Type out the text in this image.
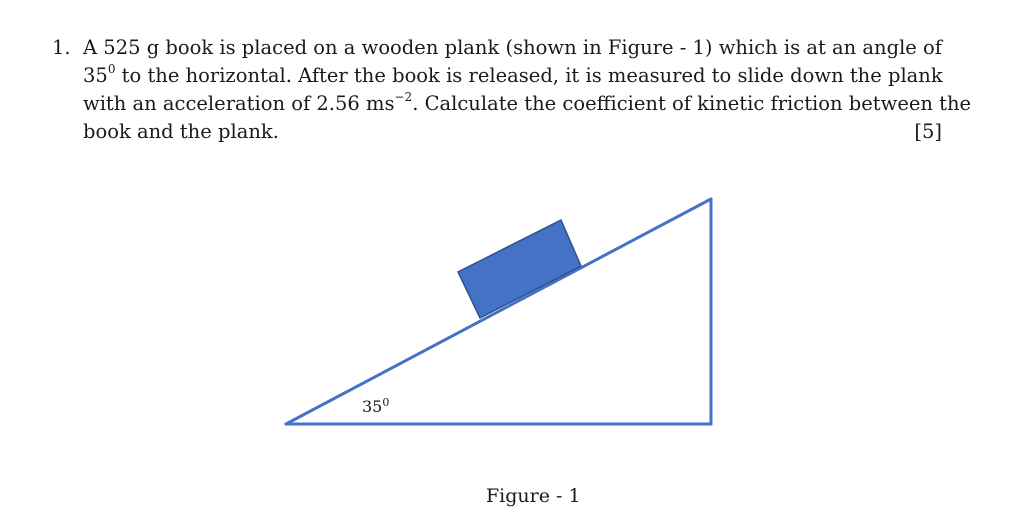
1. A 525 g book is placed on a wooden plank (shown in Figure - 1) which is at an angle of
$35^0$ to the horizontal. After the book is released, it is measured to slide down the plank
with an acceleration of 2.56 $ms^{-2}$. Calculate the coefficient of kinetic friction between the
book and the plank.	[5]
$35^0$
Figure - 1
